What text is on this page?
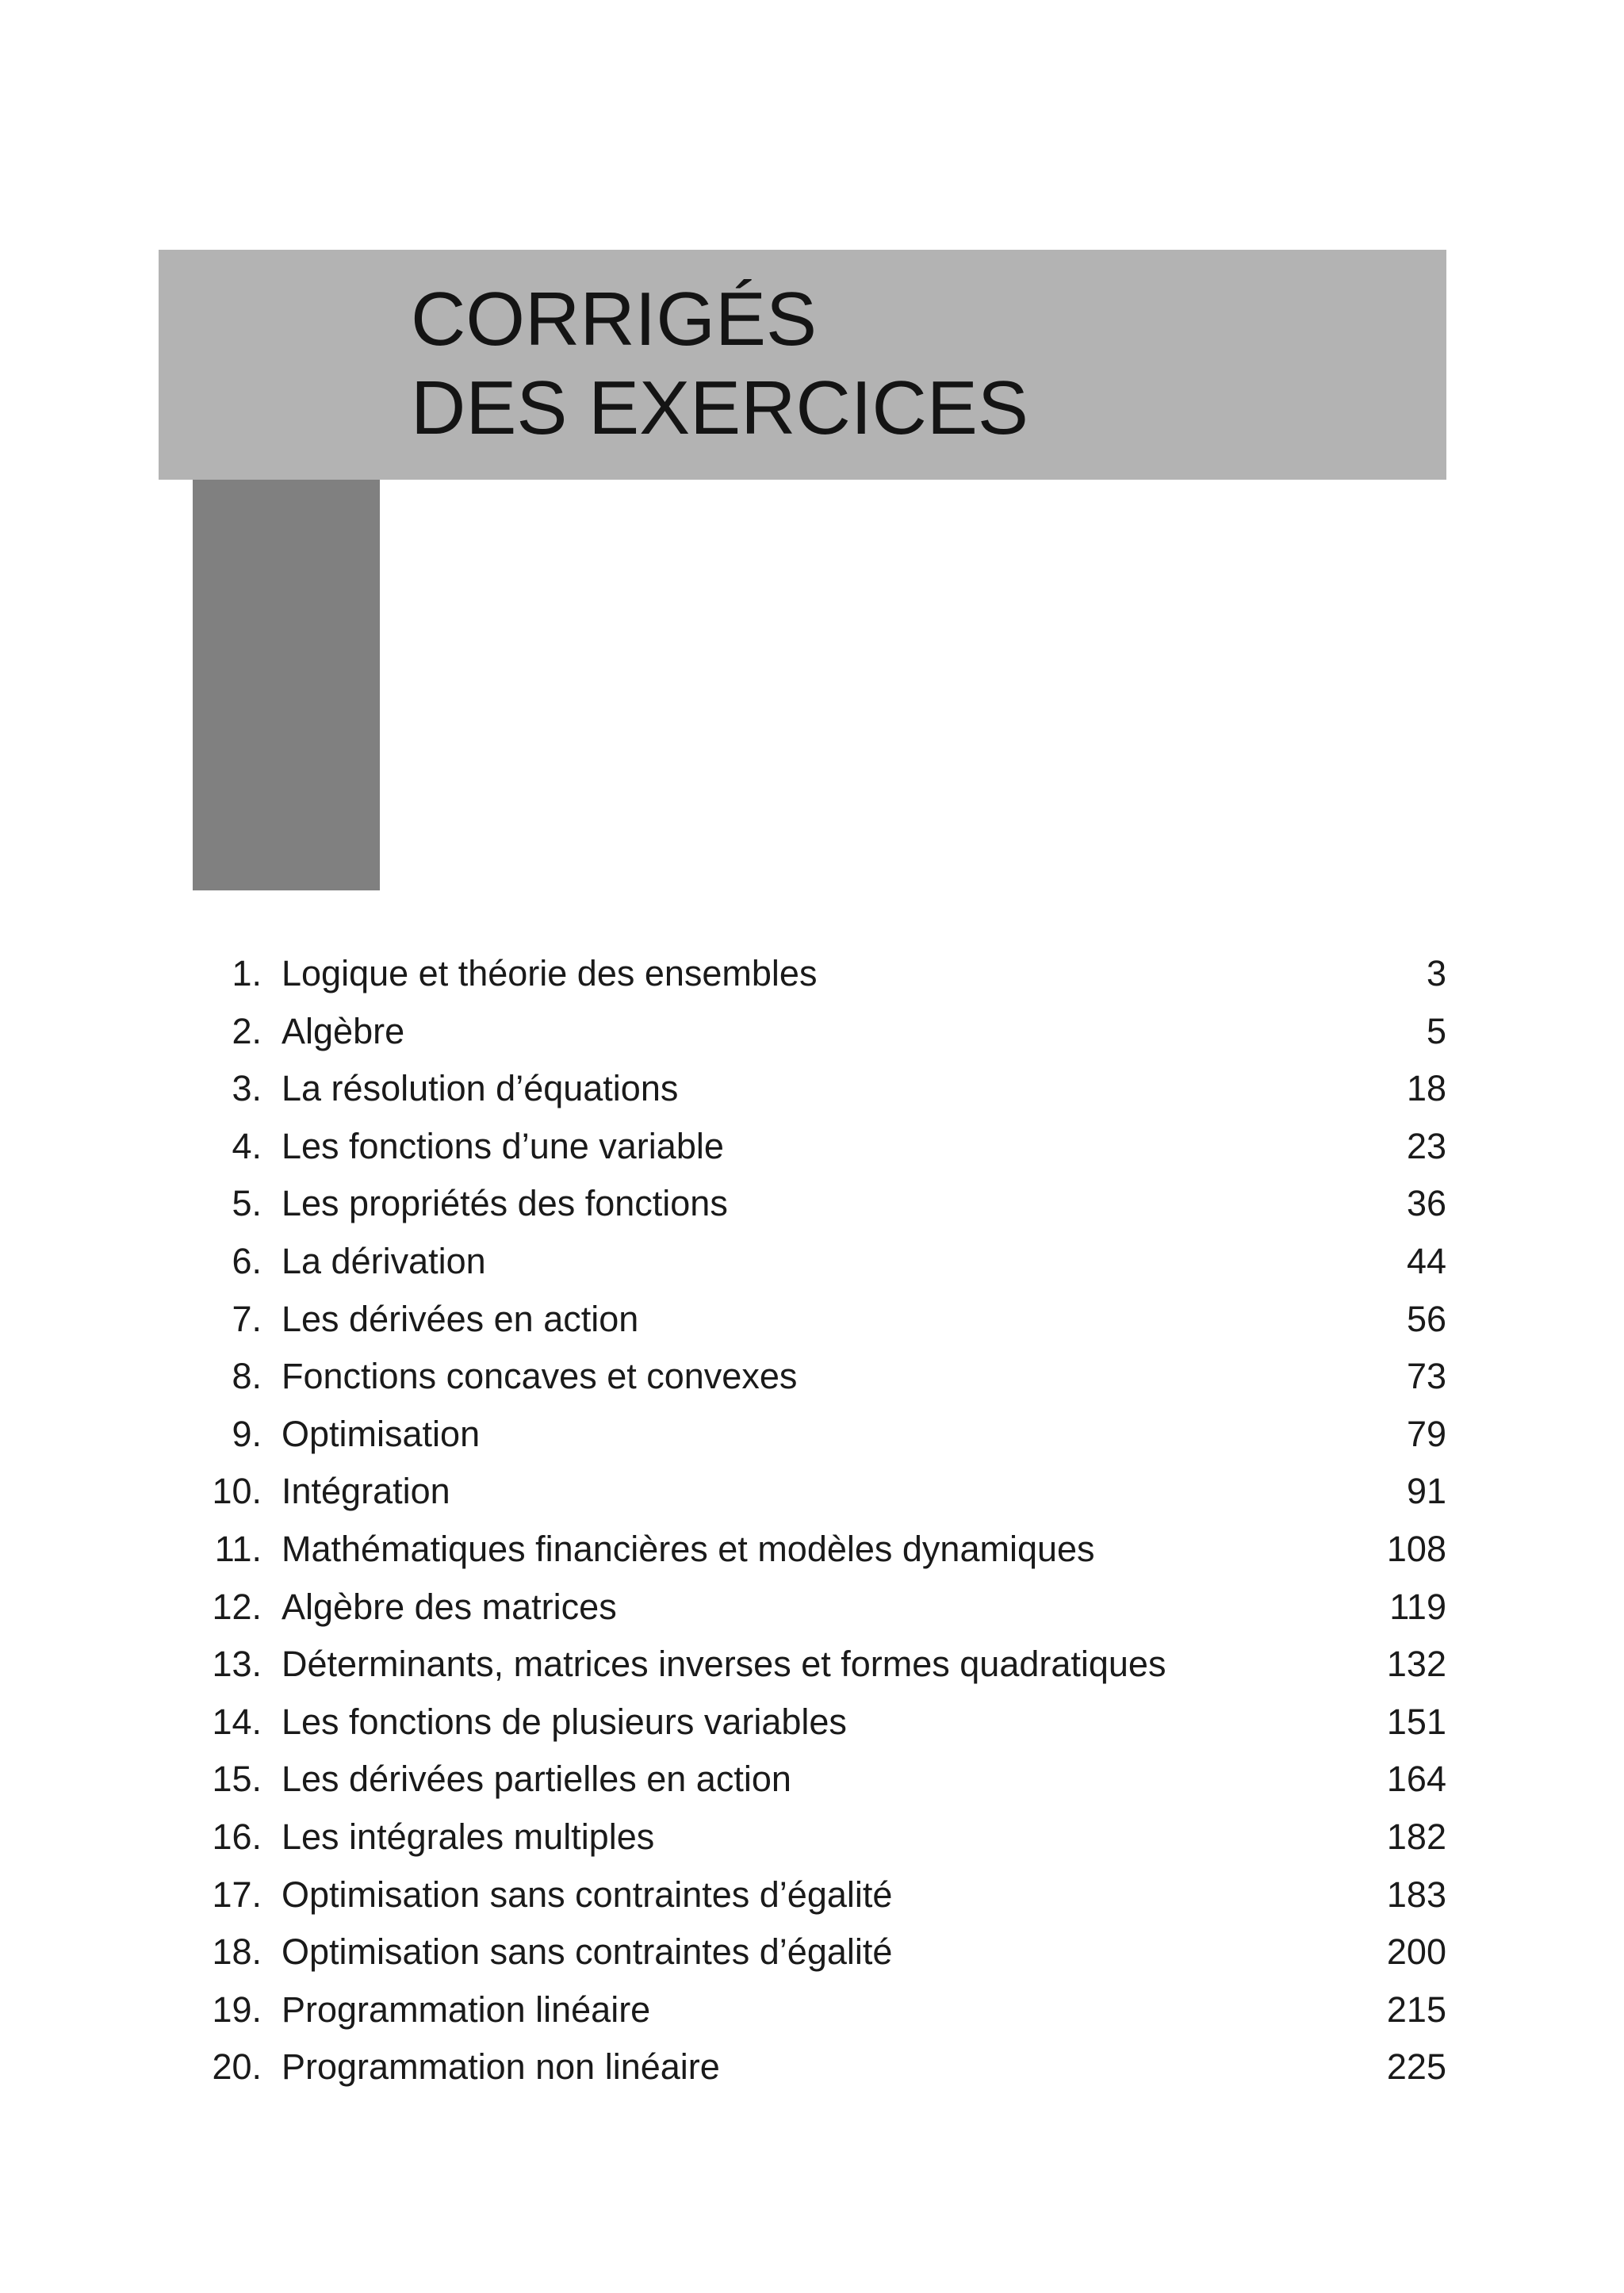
CORRIGÉS
DES EXERCICES
1. Logique et théorie des ensembles	3
2. Algèbre	5
3. La résolution d’équations	18
4. Les fonctions d’une variable	23
5. Les propriétés des fonctions	36
6. La dérivation	44
7. Les dérivées en action	56
8. Fonctions concaves et convexes	73
9. Optimisation	79
10. Intégration	91
11. Mathématiques financières et modèles dynamiques	108
12. Algèbre des matrices	119
13. Déterminants, matrices inverses et formes quadratiques	132
14. Les fonctions de plusieurs variables	151
15. Les dérivées partielles en action	164
16. Les intégrales multiples	182
17. Optimisation sans contraintes d’égalité	183
18. Optimisation sans contraintes d’égalité	200
19. Programmation linéaire	215
20. Programmation non linéaire	225
